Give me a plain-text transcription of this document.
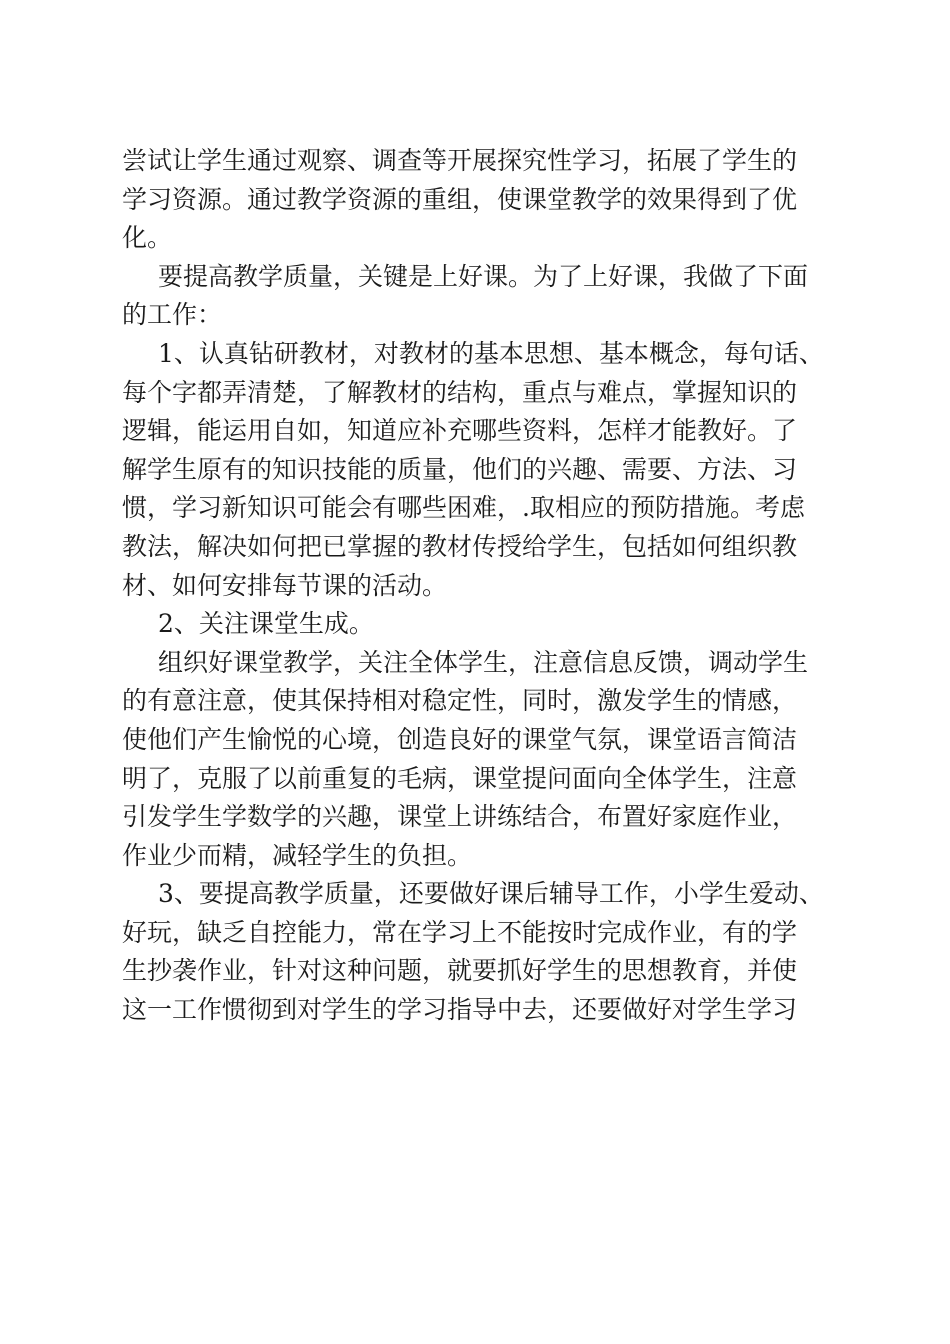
尝试让学生通过观察、调查等开展探究性学习，拓展了学生的
学习资源。通过教学资源的重组，使课堂教学的效果得到了优
化。
要提高教学质量，关键是上好课。为了上好课，我做了下面
的工作：
1、认真钻研教材，对教材的基本思想、基本概念，每句话、
每个字都弄清楚，了解教材的结构，重点与难点，掌握知识的
逻辑，能运用自如，知道应补充哪些资料，怎样才能教好。了
解学生原有的知识技能的质量，他们的兴趣、需要、方法、习
惯，学习新知识可能会有哪些困难，.取相应的预防措施。考虑
教法，解决如何把已掌握的教材传授给学生，包括如何组织教
材、如何安排每节课的活动。
2、关注课堂生成。
组织好课堂教学，关注全体学生，注意信息反馈，调动学生
的有意注意，使其保持相对稳定性，同时，激发学生的情感，
使他们产生愉悦的心境，创造良好的课堂气氛，课堂语言简洁
明了，克服了以前重复的毛病，课堂提问面向全体学生，注意
引发学生学数学的兴趣，课堂上讲练结合，布置好家庭作业，
作业少而精，减轻学生的负担。
3、要提高教学质量，还要做好课后辅导工作，小学生爱动、
好玩，缺乏自控能力，常在学习上不能按时完成作业，有的学
生抄袭作业，针对这种问题，就要抓好学生的思想教育，并使
这一工作惯彻到对学生的学习指导中去，还要做好对学生学习
